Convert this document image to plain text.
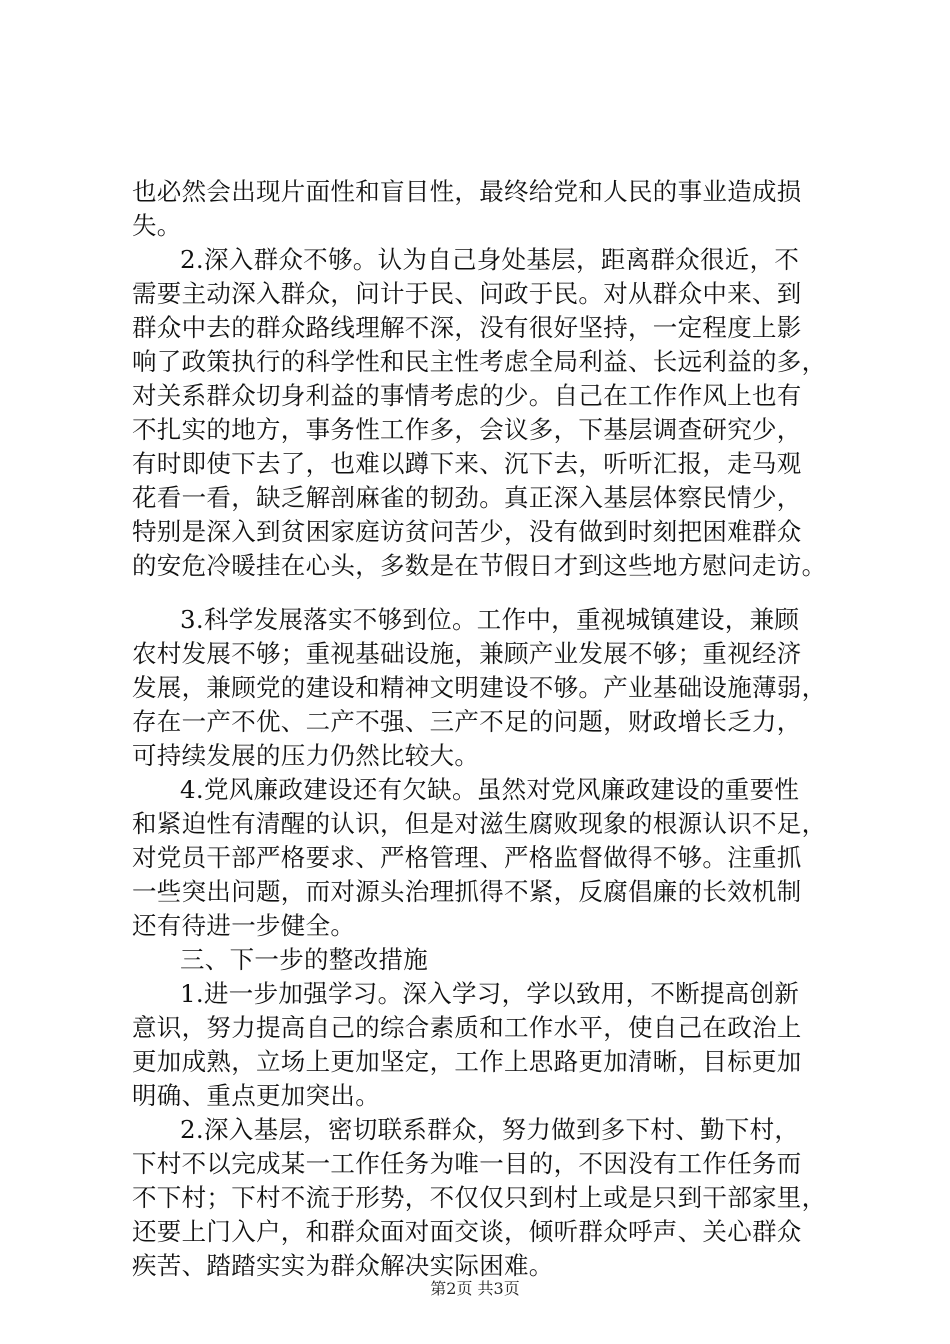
也必然会出现片面性和盲目性，最终给党和人民的事业造成损
失。
2.深入群众不够。认为自己身处基层，距离群众很近，不
需要主动深入群众，问计于民、问政于民。对从群众中来、到
群众中去的群众路线理解不深，没有很好坚持，一定程度上影
响了政策执行的科学性和民主性考虑全局利益、长远利益的多，
对关系群众切身利益的事情考虑的少。自己在工作作风上也有
不扎实的地方，事务性工作多，会议多，下基层调查研究少，
有时即使下去了，也难以蹲下来、沉下去，听听汇报，走马观
花看一看，缺乏解剖麻雀的韧劲。真正深入基层体察民情少，
特别是深入到贫困家庭访贫问苦少，没有做到时刻把困难群众
的安危冷暖挂在心头，多数是在节假日才到这些地方慰问走访。
3.科学发展落实不够到位。工作中，重视城镇建设，兼顾
农村发展不够；重视基础设施，兼顾产业发展不够；重视经济
发展，兼顾党的建设和精神文明建设不够。产业基础设施薄弱，
存在一产不优、二产不强、三产不足的问题，财政增长乏力，
可持续发展的压力仍然比较大。
4.党风廉政建设还有欠缺。虽然对党风廉政建设的重要性
和紧迫性有清醒的认识，但是对滋生腐败现象的根源认识不足，
对党员干部严格要求、严格管理、严格监督做得不够。注重抓
一些突出问题，而对源头治理抓得不紧，反腐倡廉的长效机制
还有待进一步健全。
三、下一步的整改措施
1.进一步加强学习。深入学习，学以致用，不断提高创新
意识，努力提高自己的综合素质和工作水平，使自己在政治上
更加成熟，立场上更加坚定，工作上思路更加清晰，目标更加
明确、重点更加突出。
2.深入基层，密切联系群众，努力做到多下村、勤下村，
下村不以完成某一工作任务为唯一目的，不因没有工作任务而
不下村；下村不流于形势，不仅仅只到村上或是只到干部家里，
还要上门入户，和群众面对面交谈，倾听群众呼声、关心群众
疾苦、踏踏实实为群众解决实际困难。
第2页 共3页
